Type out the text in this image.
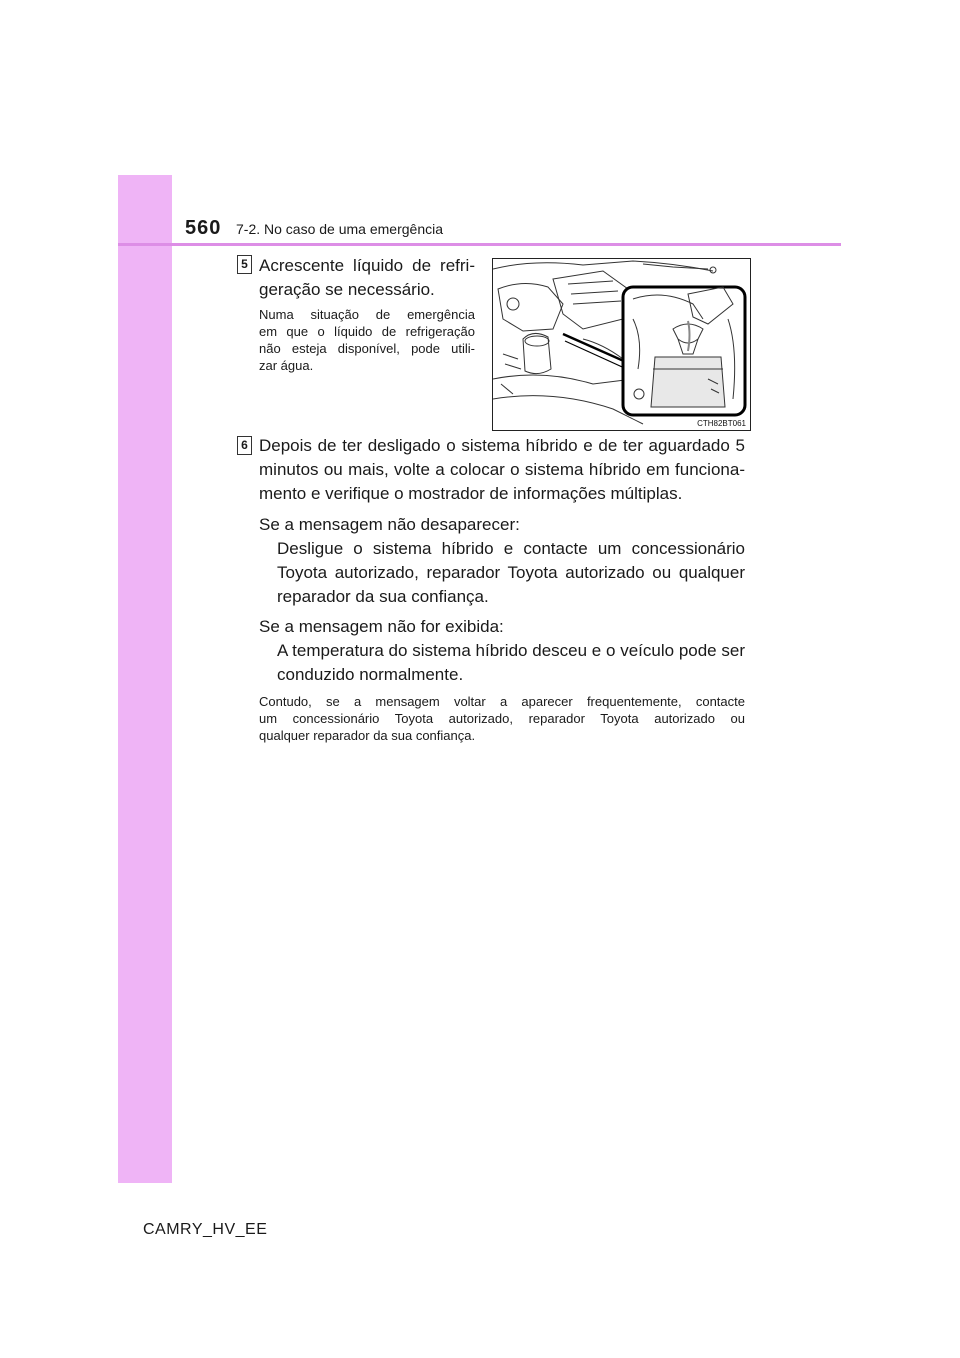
560 7-2. No caso de uma emergência
5 Acrescente líquido de refri-
geração se necessário.
Numa situação de emergência
em que o líquido de refrigeração
não esteja disponível, pode utili-
zar água.
CTH82BT061
6 Depois de ter desligado o sistema híbrido e de ter aguardado 5
minutos ou mais, volte a colocar o sistema híbrido em funciona-
mento e verifique o mostrador de informações múltiplas.
Se a mensagem não desaparecer:
Desligue o sistema híbrido e contacte um concessionário
Toyota autorizado, reparador Toyota autorizado ou qualquer
reparador da sua confiança.
Se a mensagem não for exibida:
A temperatura do sistema híbrido desceu e o veículo pode ser
conduzido normalmente.
Contudo, se a mensagem voltar a aparecer frequentemente, contacte
um concessionário Toyota autorizado, reparador Toyota autorizado ou
qualquer reparador da sua confiança.
CAMRY_HV_EE
